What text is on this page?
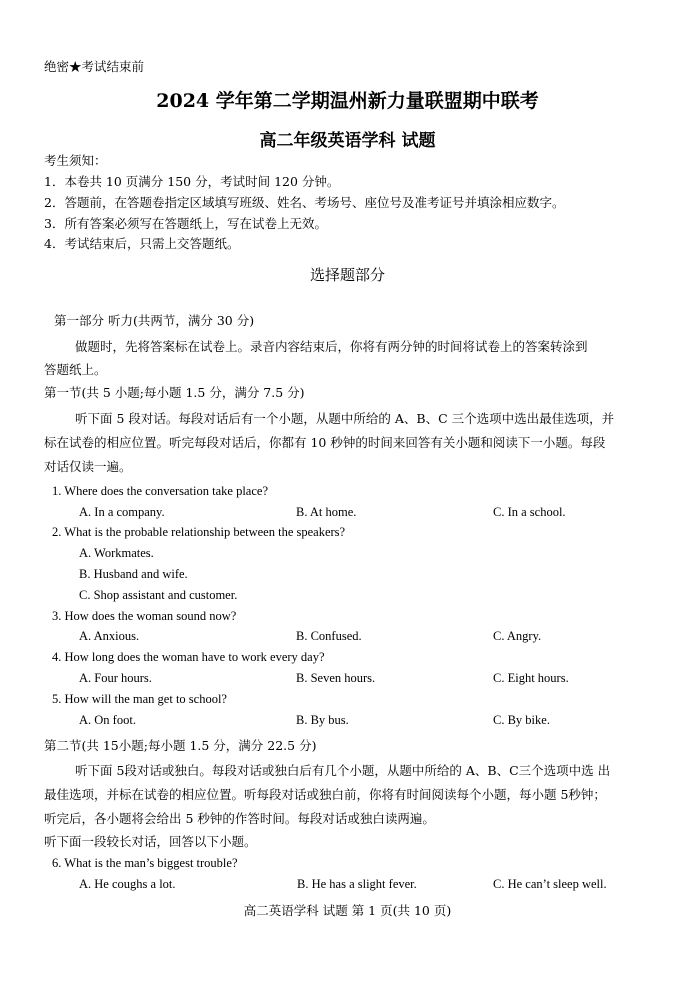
绝密★考试结束前
2024 学年第二学期温州新力量联盟期中联考
高二年级英语学科 试题
考生须知：
1．本卷共 10 页满分 150 分，考试时间 120 分钟。
2．答题前，在答题卷指定区域填写班级、姓名、考场号、座位号及准考证号并填涂相应数字。
3．所有答案必须写在答题纸上，写在试卷上无效。
4．考试结束后，只需上交答题纸。
选择题部分
第一部分 听力(共两节，满分 30 分)
做题时，先将答案标在试卷上。录音内容结束后，你将有两分钟的时间将试卷上的答案转涂到
答题纸上。
第一节(共 5 小题;每小题 1.5 分，满分 7.5 分)
听下面 5 段对话。每段对话后有一个小题，从题中所给的 A、B、C 三个选项中选出最佳选项，并
标在试卷的相应位置。听完每段对话后，你都有 10 秒钟的时间来回答有关小题和阅读下一小题。每段
对话仅读一遍。
1. Where does the conversation take place?
A. In a company.	B. At home.	C. In a school.
2. What is the probable relationship between the speakers?
A. Workmates.
B. Husband and wife.
C. Shop assistant and customer.
3. How does the woman sound now?
A. Anxious.	B. Confused.	C. Angry.
4. How long does the woman have to work every day?
A. Four hours.	B. Seven hours.	C. Eight hours.
5. How will the man get to school?
A. On foot.	B. By bus.	C. By bike.
第二节(共 15小题;每小题 1.5 分，满分 22.5 分)
听下面 5段对话或独白。每段对话或独白后有几个小题，从题中所给的 A、B、C三个选项中选 出
最佳选项，并标在试卷的相应位置。听每段对话或独白前，你将有时间阅读每个小题，每小题 5秒钟；
听完后，各小题将会给出 5 秒钟的作答时间。每段对话或独白读两遍。
听下面一段较长对话，回答以下小题。
6. What is the man’s biggest trouble?
A. He coughs a lot.	B. He has a slight fever.	C. He can’t sleep well.
高二英语学科 试题 第 1 页(共 10 页)
